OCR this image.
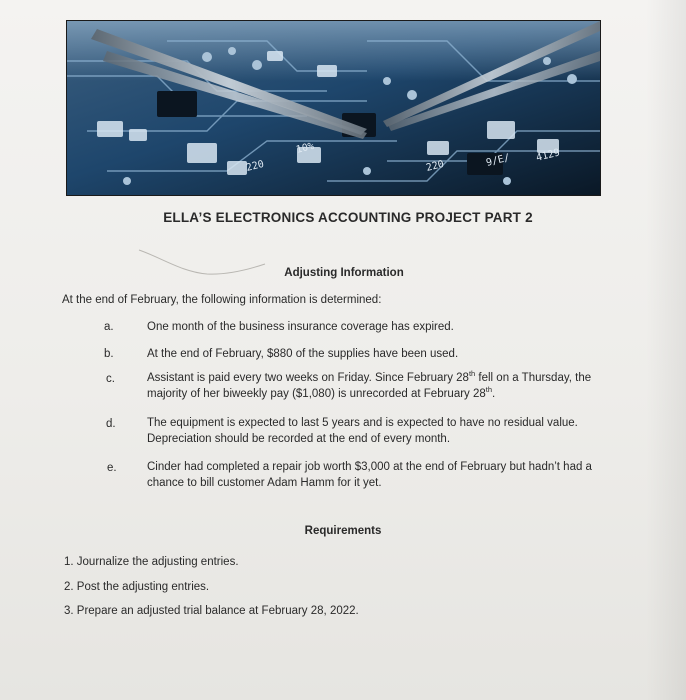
220	9/E/ 4129
220
10%
ELLA’S ELECTRONICS ACCOUNTING PROJECT PART 2
Adjusting Information
At the end of February, the following information is determined:
a.	One month of the business insurance coverage has expired.
b.	At the end of February, $880 of the supplies have been used.
c.	Assistant is paid every two weeks on Friday. Since February 28th fell on a Thursday, the majority of her biweekly pay ($1,080) is unrecorded at February 28th.
d.	The equipment is expected to last 5 years and is expected to have no residual value. Depreciation should be recorded at the end of every month.
e.	Cinder had completed a repair job worth $3,000 at the end of February but hadn’t had a chance to bill customer Adam Hamm for it yet.
Requirements
1. Journalize the adjusting entries.
2. Post the adjusting entries.
3. Prepare an adjusted trial balance at February 28, 2022.
